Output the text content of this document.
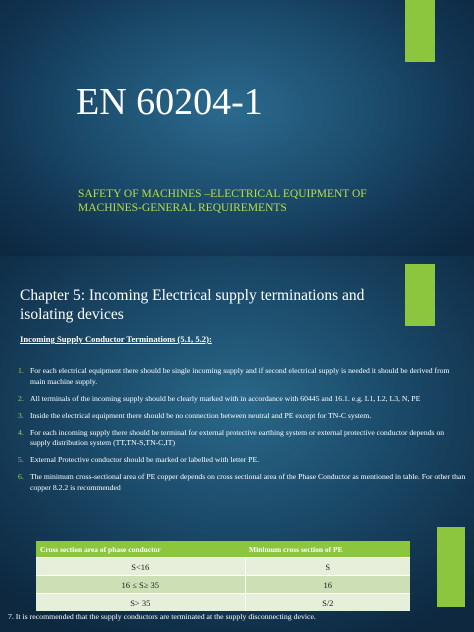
EN 60204-1
SAFETY OF MACHINES –ELECTRICAL EQUIPMENT OF MACHINES-GENERAL REQUIREMENTS
Chapter 5: Incoming Electrical supply terminations and isolating devices
Incoming Supply Conductor Terminations (5.1, 5.2):
1. For each electrical equipment there should be single incoming supply and if second electrical supply is needed it should be derived from main machine supply.
2. All terminals of the incoming supply should be clearly marked with in accordance with 60445 and 16.1. e.g. L1, L2, L3, N, PE
3. Inside the electrical equipment there should be no connection between neutral and PE except for TN-C system.
4. For each incoming supply there should be terminal for external protective earthing system or external protective conductor depends on supply distribution system (TT,TN-S,TN-C,IT)
5. External Protective conductor should be marked or labelled with letter PE.
6. The minimum cross-sectional area of PE copper depends on cross sectional area of the Phase Conductor as mentioned in table. For other than copper 8.2.2 is recommended
Cross section area of phase conductor	Minimum cross section of PE
S<16	S
16 ≤ S≥ 35	16
S> 35	S/2
7. It is recommended that the supply conductors are terminated at the supply disconnecting device.
